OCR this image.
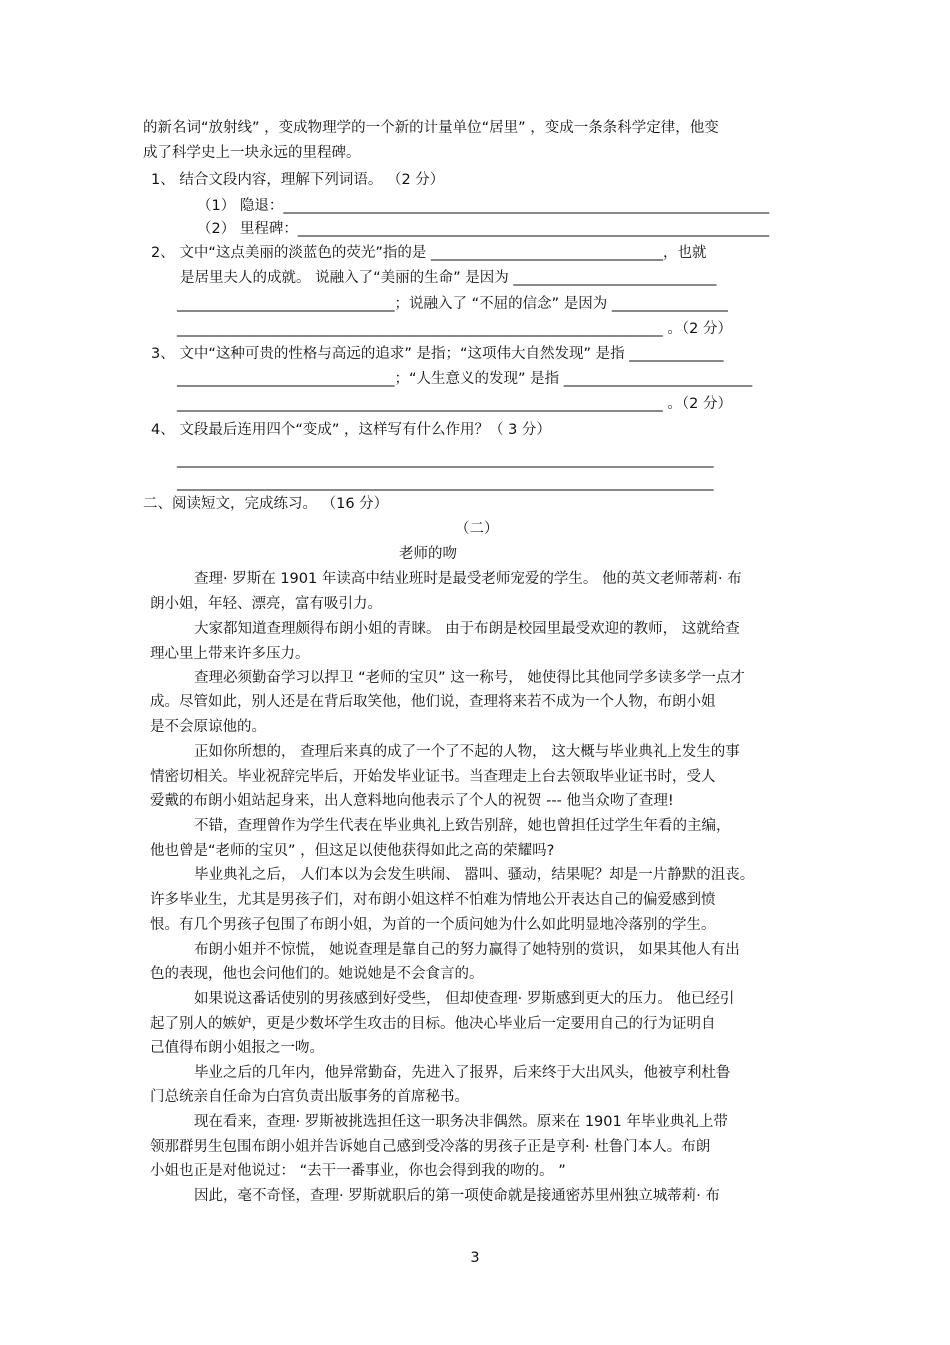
的新名词“放射线” ，变成物理学的一个新的计量单位“居里” ，变成一条条科学定律，他变
成了科学史上一块永远的里程碑。
1、 结合文段内容，理解下列词语。 （2 分）
（1） 隐退：___________________________________________________________________
（2） 里程碑：_________________________________________________________________
2、 文中“这点美丽的淡蓝色的荧光”指的是 ________________________________，也就
是居里夫人的成就。 说融入了“美丽的生命” 是因为 ____________________________
______________________________；说融入了 “不屈的信念” 是因为 ________________
___________________________________________________________________ 。（2 分）
3、 文中“这种可贵的性格与高远的追求” 是指；“这项伟大自然发现” 是指 _____________
______________________________；“人生意义的发现” 是指 __________________________
___________________________________________________________________ 。（2 分）
4、 文段最后连用四个“变成” ，这样写有什么作用？（ 3 分）
__________________________________________________________________________
__________________________________________________________________________
二、阅读短文，完成练习。 （16 分）
（二）
老师的吻
查理· 罗斯在 1901 年读高中结业班时是最受老师宠爱的学生。 他的英文老师蒂莉· 布
朗小姐，年轻、漂亮，富有吸引力。
大家都知道查理颇得布朗小姐的青睐。 由于布朗是校园里最受欢迎的教师， 这就给查
理心里上带来许多压力。
查理必须勤奋学习以捍卫 “老师的宝贝” 这一称号， 她使得比其他同学多读多学一点才
成。尽管如此，别人还是在背后取笑他，他们说，查理将来若不成为一个人物，布朗小姐
是不会原谅他的。
正如你所想的， 查理后来真的成了一个了不起的人物， 这大概与毕业典礼上发生的事
情密切相关。毕业祝辞完毕后，开始发毕业证书。当查理走上台去领取毕业证书时，受人
爱戴的布朗小姐站起身来，出人意料地向他表示了个人的祝贺 --- 他当众吻了查理!
不错，查理曾作为学生代表在毕业典礼上致告别辞，她也曾担任过学生年看的主编，
他也曾是“老师的宝贝” ，但这足以使他获得如此之高的荣耀吗?
毕业典礼之后， 人们本以为会发生哄闹、 嚣叫、骚动，结果呢？却是一片静默的沮丧。
许多毕业生，尤其是男孩子们，对布朗小姐这样不怕难为情地公开表达自己的偏爱感到愤
恨。有几个男孩子包围了布朗小姐，为首的一个质问她为什么如此明显地冷落别的学生。
布朗小姐并不惊慌， 她说查理是靠自己的努力赢得了她特别的赏识， 如果其他人有出
色的表现，他也会问他们的。她说她是不会食言的。
如果说这番话使别的男孩感到好受些， 但却使查理· 罗斯感到更大的压力。 他已经引
起了别人的嫉妒，更是少数坏学生攻击的目标。他决心毕业后一定要用自己的行为证明自
己值得布朗小姐报之一吻。
毕业之后的几年内，他异常勤奋，先进入了报界，后来终于大出风头，他被亨利杜鲁
门总统亲自任命为白宫负责出版事务的首席秘书。
现在看来，查理· 罗斯被挑选担任这一职务决非偶然。原来在 1901 年毕业典礼上带
领那群男生包围布朗小姐并告诉她自己感到受冷落的男孩子正是亨利· 杜鲁门本人。布朗
小姐也正是对他说过： “去干一番事业，你也会得到我的吻的。 ”
因此，毫不奇怪，查理· 罗斯就职后的第一项使命就是接通密苏里州独立城蒂莉· 布
3
